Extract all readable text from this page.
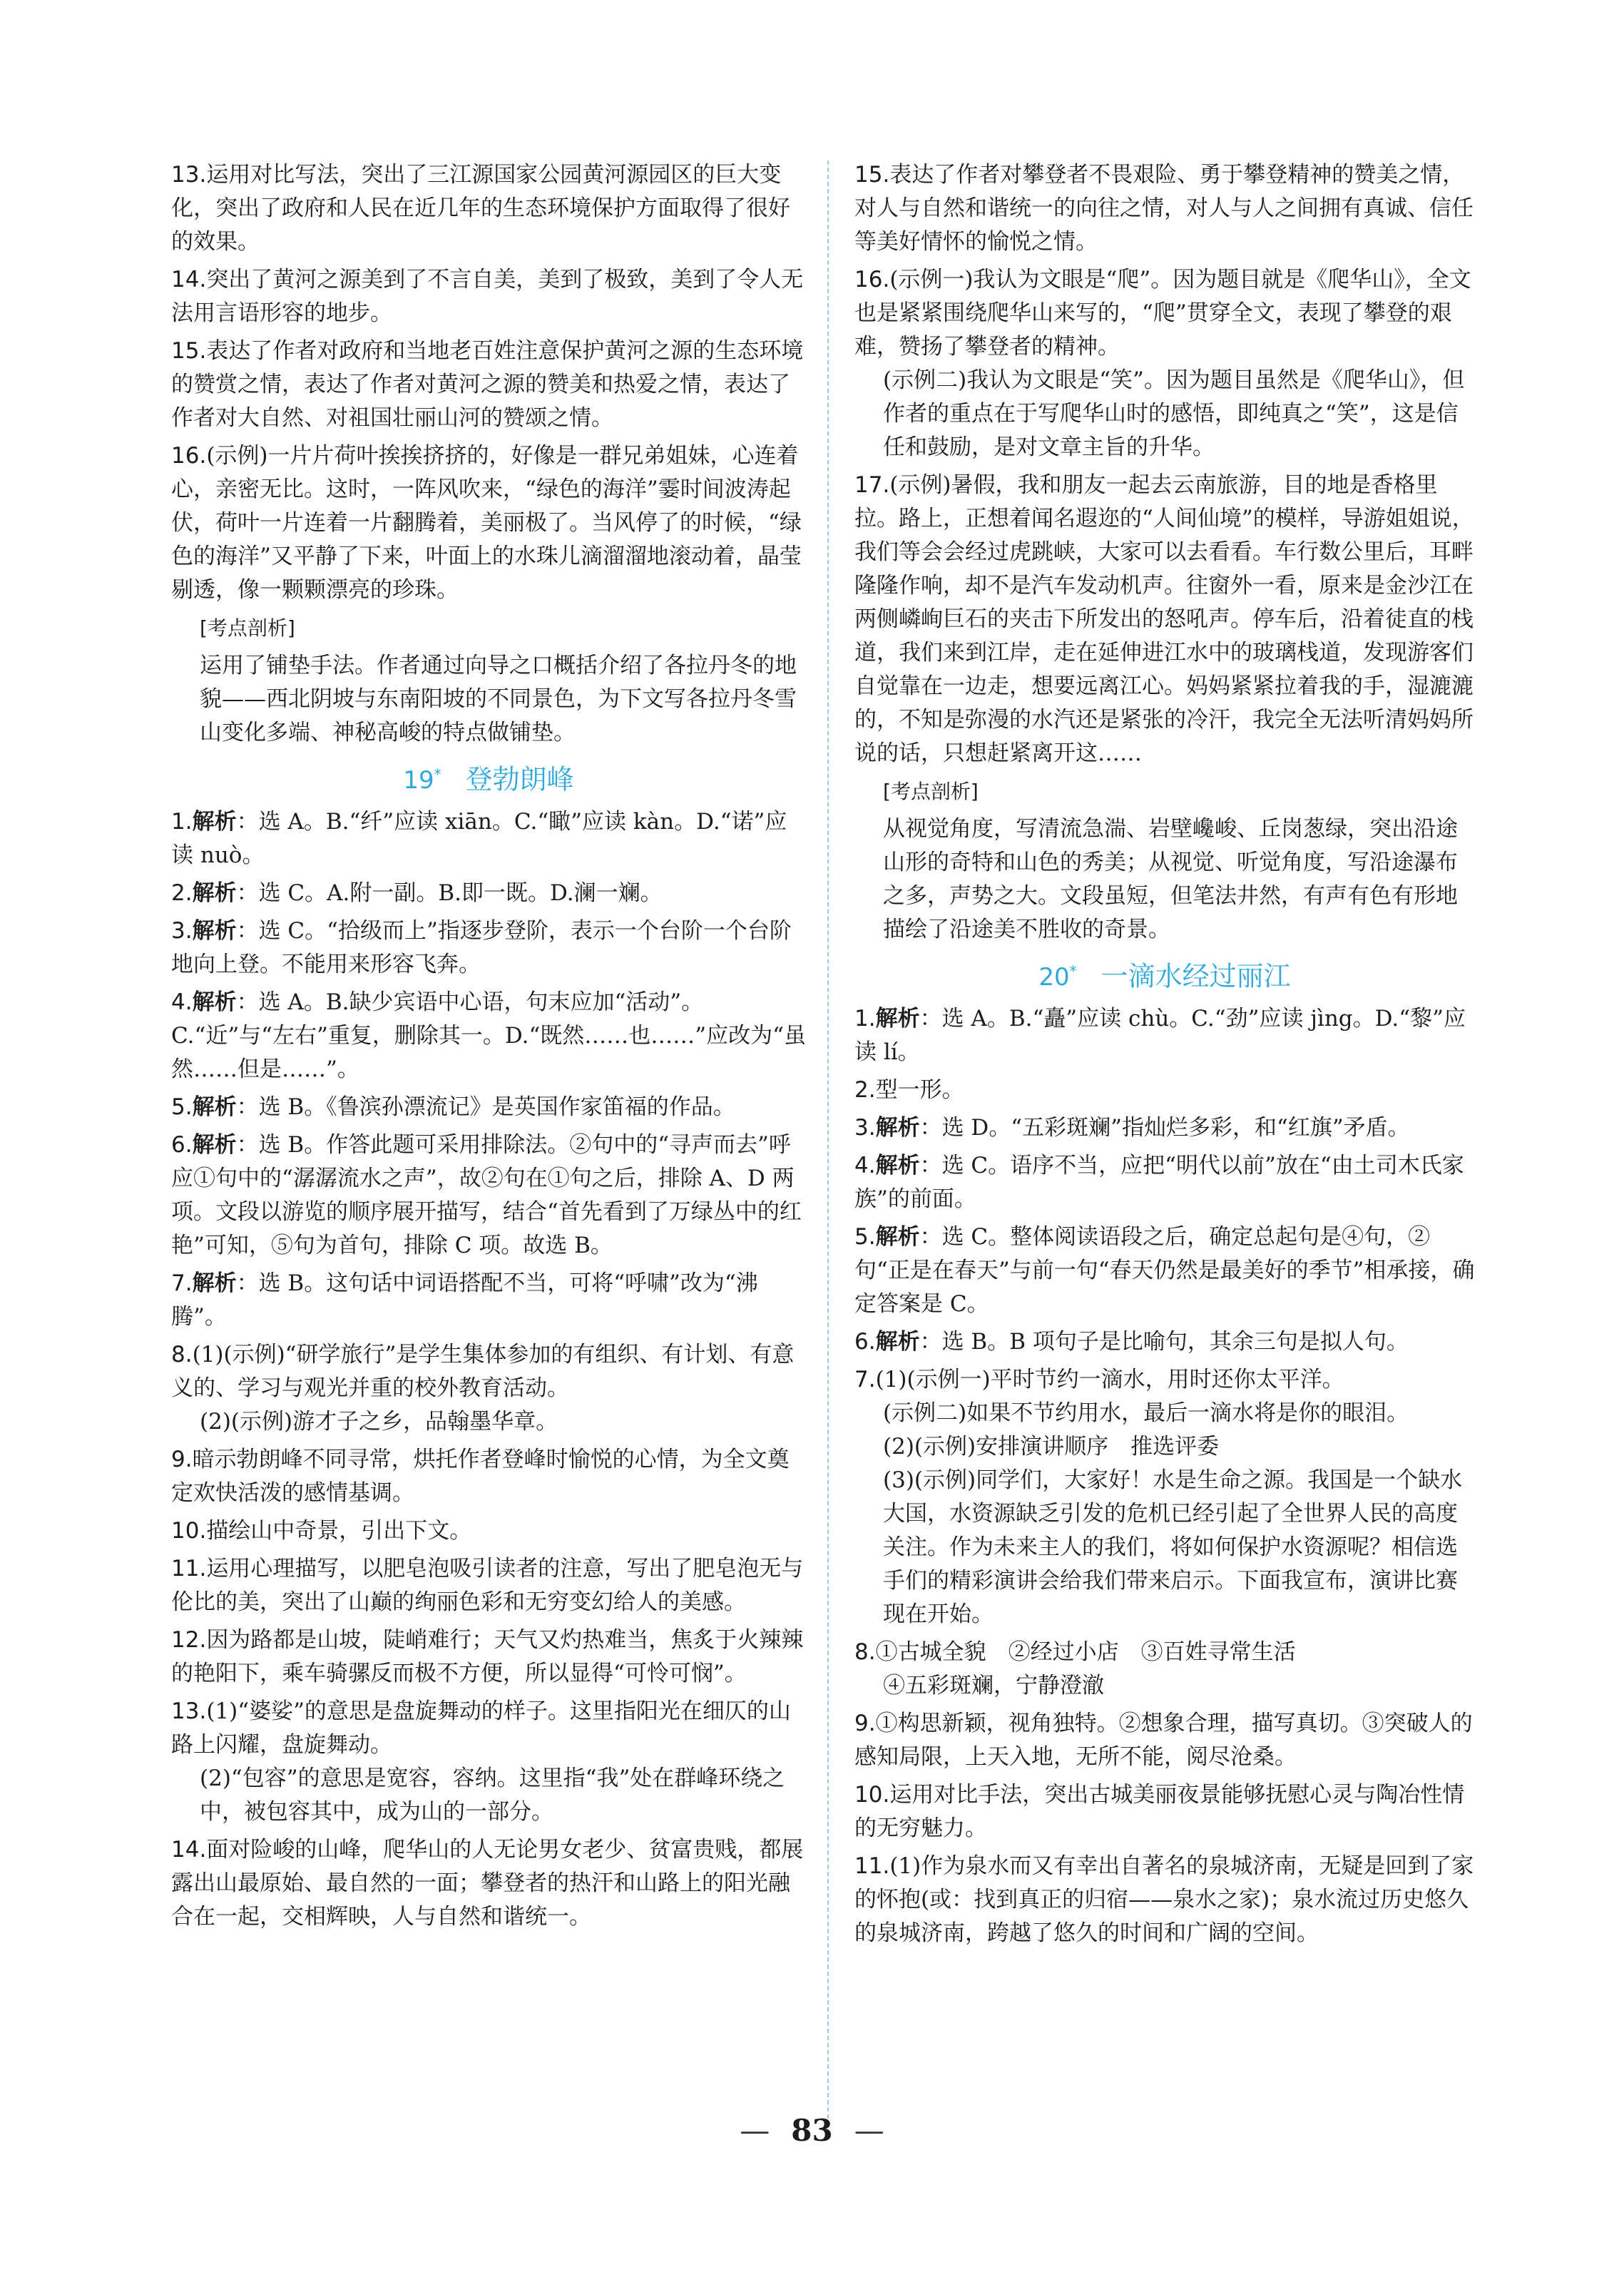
13.运用对比写法，突出了三江源国家公园黄河源园区的巨大变化，突出了政府和人民在近几年的生态环境保护方面取得了很好的效果。
14.突出了黄河之源美到了不言自美，美到了极致，美到了令人无法用言语形容的地步。
15.表达了作者对政府和当地老百姓注意保护黄河之源的生态环境的赞赏之情，表达了作者对黄河之源的赞美和热爱之情，表达了作者对大自然、对祖国壮丽山河的赞颂之情。
16.(示例)一片片荷叶挨挨挤挤的，好像是一群兄弟姐妹，心连着心，亲密无比。这时，一阵风吹来，“绿色的海洋”霎时间波涛起伏，荷叶一片连着一片翻腾着，美丽极了。当风停了的时候，“绿色的海洋”又平静了下来，叶面上的水珠儿滴溜溜地滚动着，晶莹剔透，像一颗颗漂亮的珍珠。
[考点剖析]
运用了铺垫手法。作者通过向导之口概括介绍了各拉丹冬的地貌——西北阴坡与东南阳坡的不同景色，为下文写各拉丹冬雪山变化多端、神秘高峻的特点做铺垫。
19* 登勃朗峰
1.解析：选 A。B.“纤”应读 xiān。C.“瞰”应读 kàn。D.“诺”应读 nuò。
2.解析：选 C。A.附一副。B.即一既。D.澜一斓。
3.解析：选 C。“拾级而上”指逐步登阶，表示一个台阶一个台阶地向上登。不能用来形容飞奔。
4.解析：选 A。B.缺少宾语中心语，句末应加“活动”。C.“近”与“左右”重复，删除其一。D.“既然……也……”应改为“虽然……但是……”。
5.解析：选 B。《鲁滨孙漂流记》是英国作家笛福的作品。
6.解析：选 B。作答此题可采用排除法。②句中的“寻声而去”呼应①句中的“潺潺流水之声”，故②句在①句之后，排除 A、D 两项。文段以游览的顺序展开描写，结合“首先看到了万绿丛中的红艳”可知，⑤句为首句，排除 C 项。故选 B。
7.解析：选 B。这句话中词语搭配不当，可将“呼啸”改为“沸腾”。
8.(1)(示例)“研学旅行”是学生集体参加的有组织、有计划、有意义的、学习与观光并重的校外教育活动。
(2)(示例)游才子之乡，品翰墨华章。
9.暗示勃朗峰不同寻常，烘托作者登峰时愉悦的心情，为全文奠定欢快活泼的感情基调。
10.描绘山中奇景，引出下文。
11.运用心理描写，以肥皂泡吸引读者的注意，写出了肥皂泡无与伦比的美，突出了山巅的绚丽色彩和无穷变幻给人的美感。
12.因为路都是山坡，陡峭难行；天气又灼热难当，焦炙于火辣辣的艳阳下，乘车骑骡反而极不方便，所以显得“可怜可悯”。
13.(1)“婆娑”的意思是盘旋舞动的样子。这里指阳光在细仄的山路上闪耀，盘旋舞动。
(2)“包容”的意思是宽容，容纳。这里指“我”处在群峰环绕之中，被包容其中，成为山的一部分。
14.面对险峻的山峰，爬华山的人无论男女老少、贫富贵贱，都展露出山最原始、最自然的一面；攀登者的热汗和山路上的阳光融合在一起，交相辉映，人与自然和谐统一。
15.表达了作者对攀登者不畏艰险、勇于攀登精神的赞美之情，对人与自然和谐统一的向往之情，对人与人之间拥有真诚、信任等美好情怀的愉悦之情。
16.(示例一)我认为文眼是“爬”。因为题目就是《爬华山》，全文也是紧紧围绕爬华山来写的，“爬”贯穿全文，表现了攀登的艰难，赞扬了攀登者的精神。
(示例二)我认为文眼是“笑”。因为题目虽然是《爬华山》，但作者的重点在于写爬华山时的感悟，即纯真之“笑”，这是信任和鼓励，是对文章主旨的升华。
17.(示例)暑假，我和朋友一起去云南旅游，目的地是香格里拉。路上，正想着闻名遐迩的“人间仙境”的模样，导游姐姐说，我们等会会经过虎跳峡，大家可以去看看。车行数公里后，耳畔隆隆作响，却不是汽车发动机声。往窗外一看，原来是金沙江在两侧嶙峋巨石的夹击下所发出的怒吼声。停车后，沿着徒直的栈道，我们来到江岸，走在延伸进江水中的玻璃栈道，发现游客们自觉靠在一边走，想要远离江心。妈妈紧紧拉着我的手，湿漉漉的，不知是弥漫的水汽还是紧张的冷汗，我完全无法听清妈妈所说的话，只想赶紧离开这……
[考点剖析]
从视觉角度，写清流急湍、岩壁巉峻、丘岗葱绿，突出沿途山形的奇特和山色的秀美；从视觉、听觉角度，写沿途瀑布之多，声势之大。文段虽短，但笔法井然，有声有色有形地描绘了沿途美不胜收的奇景。
20* 一滴水经过丽江
1.解析：选 A。B.“矗”应读 chù。C.“劲”应读 jìng。D.“黎”应读 lí。
2.型一形。
3.解析：选 D。“五彩斑斓”指灿烂多彩，和“红旗”矛盾。
4.解析：选 C。语序不当，应把“明代以前”放在“由土司木氏家族”的前面。
5.解析：选 C。整体阅读语段之后，确定总起句是④句，②句“正是在春天”与前一句“春天仍然是最美好的季节”相承接，确定答案是 C。
6.解析：选 B。B 项句子是比喻句，其余三句是拟人句。
7.(1)(示例一)平时节约一滴水，用时还你太平洋。
(示例二)如果不节约用水，最后一滴水将是你的眼泪。
(2)(示例)安排演讲顺序　推选评委
(3)(示例)同学们，大家好！水是生命之源。我国是一个缺水大国，水资源缺乏引发的危机已经引起了全世界人民的高度关注。作为未来主人的我们，将如何保护水资源呢？相信选手们的精彩演讲会给我们带来启示。下面我宣布，演讲比赛现在开始。
8.①古城全貌　②经过小店　③百姓寻常生活
④五彩斑斓，宁静澄澈
9.①构思新颖，视角独特。②想象合理，描写真切。③突破人的感知局限，上天入地，无所不能，阅尽沧桑。
10.运用对比手法，突出古城美丽夜景能够抚慰心灵与陶冶性情的无穷魅力。
11.(1)作为泉水而又有幸出自著名的泉城济南，无疑是回到了家的怀抱(或：找到真正的归宿——泉水之家)；泉水流过历史悠久的泉城济南，跨越了悠久的时间和广阔的空间。
— 83 —
